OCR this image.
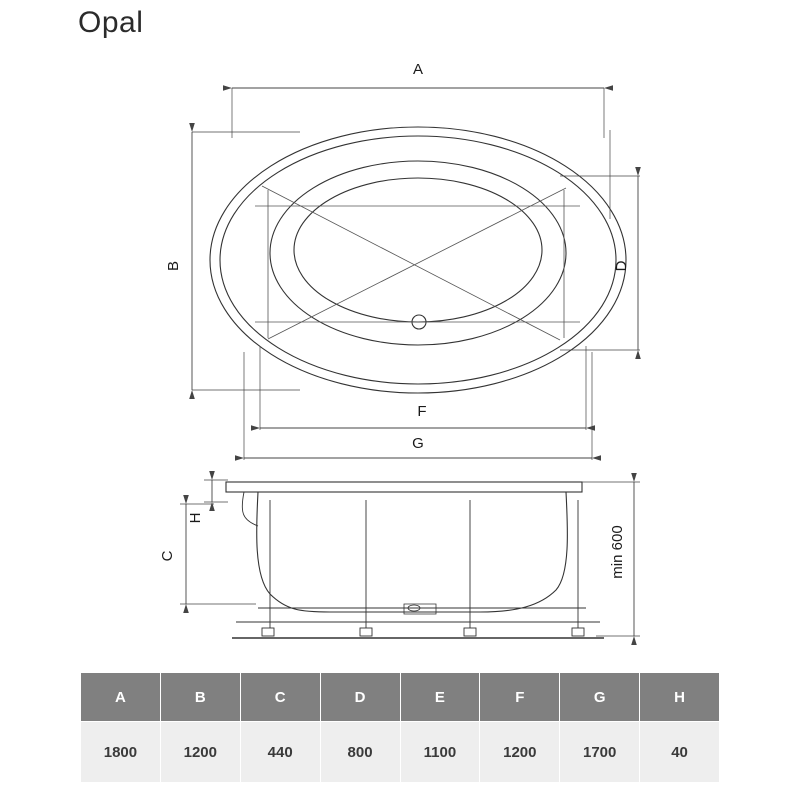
Opal
A
B	D
F
G
H
C	min 600
A	B	C	D	E	F	G	H
1800	1200	440	800	1100	1200	1700	40
